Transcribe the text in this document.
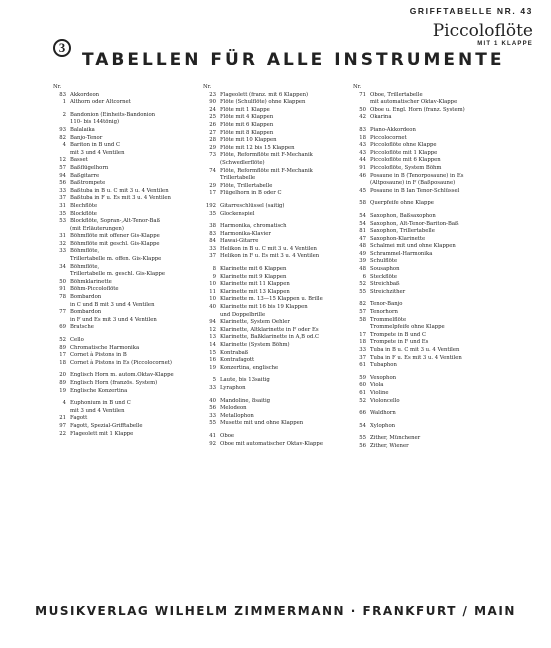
GRIFFTABELLE NR. 43
3
Piccoloflöte
MIT 1 KLAPPE
TABELLEN FÜR ALLE INSTRUMENTE
Nr.
83 Akkordeon
1 Althorn oder Altcornet
2 Bandonion (Einheits-Bandonion
110- bis 144tönig)
93 Balalaika
82 Banjo-Tenor
4 Bariton in B und C
mit 3 und 4 Ventilen
12 Basset
57 Baßflügelhorn
94 Baßgitarre
56 Baßtrompete
33 Baßtuba in B u. C mit 3 u. 4 Ventilen
37 Baßtuba in F u. Es mit 3 u. 4 Ventilen
31 Blechflöte
35 Blockflöte
53 Blockflöte, Sopran-,Alt-Tenor-Baß
(mit Erläuterungen)
31 Böhmflöte mit offener Gis-Klappe
32 Böhmflöte mit geschl. Gis-Klappe
33 Böhmflöte,
Trillertabelle m. offen. Gis-Klappe
34 Böhmflöte,
Trillertabelle m. geschl. Gis-Klappe
50 Böhmklarinette
91 Böhm-Piccoloflöte
78 Bombardon
in C und B mit 3 und 4 Ventilen
77 Bombardon
in F und Es mit 3 und 4 Ventilen
69 Bratsche
52 Cello
89 Chromatische Harmonika
17 Cornet à Pistons in B
18 Cornet à Pistons in Es (Piccolocornet)
20 Englisch Horn m. autom.Oktav-Klappe
89 Englisch Horn (französ. System)
19 Englische Konzertina
4 Euphonium in B und C
mit 3 und 4 Ventilen
21 Fagott
97 Fagott, Spezial-Grifftabelle
22 Flageolett mit 1 Klappe
Nr.
23 Flageolett (franz. mit 6 Klappen)
90 Flöte (Schulflöte) ohne Klappen
24 Flöte mit 1 Klappe
25 Flöte mit 4 Klappen
26 Flöte mit 6 Klappen
27 Flöte mit 8 Klappen
28 Flöte mit 10 Klappen
29 Flöte mit 12 bis 15 Klappen
73 Flöte, Reformflöte mit F-Mechanik
(Schwedlerflöte)
74 Flöte, Reformflöte mit F-Mechanik
Trillertabelle
29 Flöte, Trillertabelle
17 Flügelhorn in B oder C
192 Gitarreschlüssel (saitig)
35 Glockenspiel
38 Harmonika, chromatisch
83 Harmonika-Klavier
84 Hawai-Gitarre
33 Helikon in B u. C mit 3 u. 4 Ventilen
37 Helikon in F u. Es mit 3 u. 4 Ventilen
8 Klarinette mit 6 Klappen
9 Klarinette mit 9 Klappen
10 Klarinette mit 11 Klappen
11 Klarinette mit 13 Klappen
10 Klarinette m. 13—15 Klappen u. Brille
40 Klarinette mit 16 bis 19 Klappen
und Doppelbrille
94 Klarinette, System Oehler
12 Klarinette, Altklarinette in F oder Es
13 Klarinette, Baßklarinette in A,B od.C
14 Klarinette (System Böhm)
15 Kontrabaß
16 Kontrafagott
19 Konzertina, englische
5 Laute, bis 13saitig
33 Lyraphon
40 Mandoline, 8saitig
56 Melodeon
33 Metallophon
55 Musette mit und ohne Klappen
41 Oboe
92 Oboe mit automatischer Oktav-Klappe
Nr.
71 Oboe, Trillertabelle
mit automatischer Oktav-Klappe
50 Oboe u. Engl. Horn (franz. System)
42 Okarina
83 Piano-Akkordeon
18 Piccolocornet
43 Piccoloflöte ohne Klappe
43 Piccoloflöte mit 1 Klappe
44 Piccoloflöte mit 6 Klappen
91 Piccoloflöte, System Böhm
46 Posaune in B (Tenorposaune) in Es
(Altposaune) in F (Baßposaune)
45 Posaune in B Ian Tenor-Schlüssel
58 Querpfeife ohne Klappe
54 Saxophon, Baßsaxophon
54 Saxophon, Alt-Tenor-Bariton-Baß
81 Saxophon, Trillertabelle
47 Saxophon-Klarinette
48 Schalmei mit und ohne Klappen
49 Schrammel-Harmonika
39 Schulflöte
48 Sousaphon
6 Steckflöte
52 Streichbaß
55 Streichzither
82 Tenor-Banjo
57 Tenorhorn
58 Trommelflöte
Trommelpfeife ohne Klappe
17 Trompete in B und C
18 Trompete in F und Es
33 Tuba in B u. C mit 3 u. 4 Ventilen
37 Tuba in F u. Es mit 3 u. 4 Ventilen
61 Tubaphon
59 Vexophon
60 Viola
61 Violine
52 Violoncello
66 Waldhorn
54 Xylophon
55 Zither, Münchener
56 Zither, Wiener
MUSIKVERLAG WILHELM ZIMMERMANN · FRANKFURT / MAIN
